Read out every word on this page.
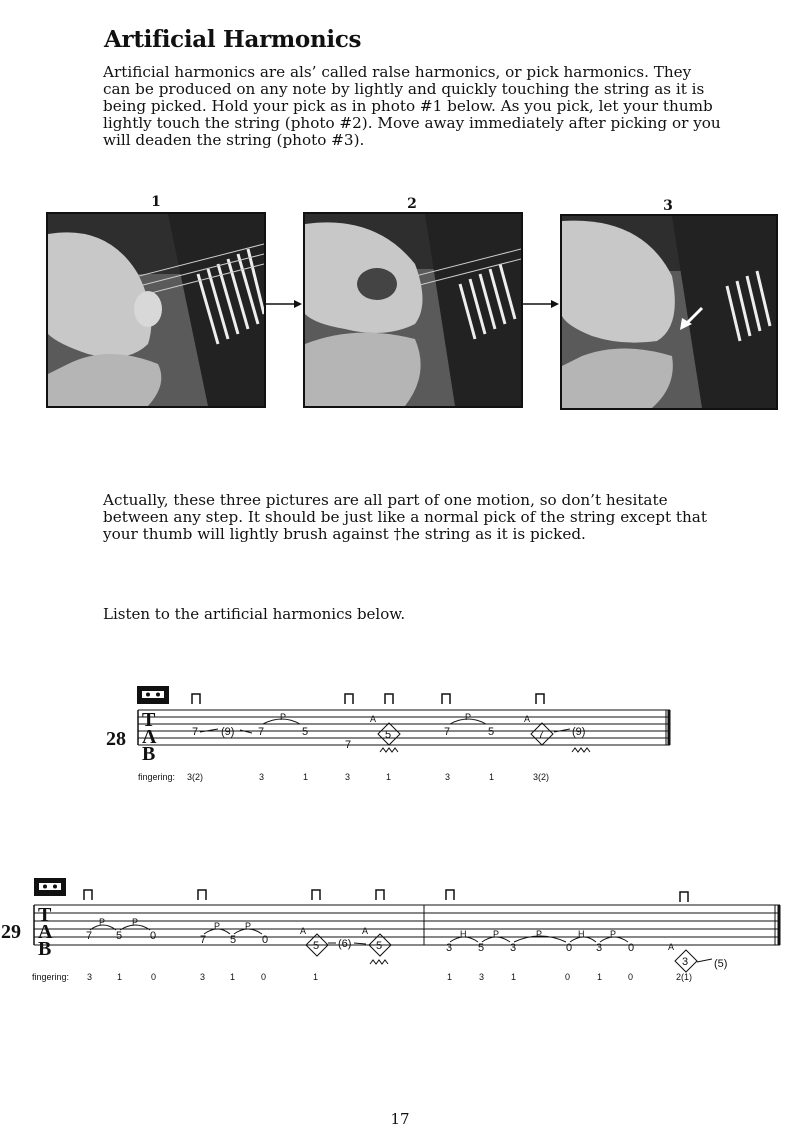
Artificial Harmonics

Artificial harmonics are als’ called ralse harmonics, or pick harmonics. They can be produced on any note by lightly and quickly touching the string as it is being picked. Hold your pick as in photo #1 below. As you pick, let your thumb lightly touch the string (photo #2). Move away immediately after picking or you will deaden the string (photo #3).

1	2	3

Actually, these three pictures are all part of one motion, so don’t hesitate between any step. It should be just like a normal pick of the string except that your thumb will lightly brush against †he string as it is picked.

Listen to the artificial harmonics below.

28
T
A
B
7 (9) 7
P
5
7
A
5	7
P
5
A
7	(9)
fingering: 3(2)	3	1	3	1	3	1	3(2)
29
T
A
B
7
P
5
P
0	7
P
5
P
0
A
5 (6)
A
5	3
H
5
P
3
P
0
H
3
P
0	A
3 (5)
fingering: 3	1	0	3	1	0	1	1	3	1	0	1	0	2(1)
17
